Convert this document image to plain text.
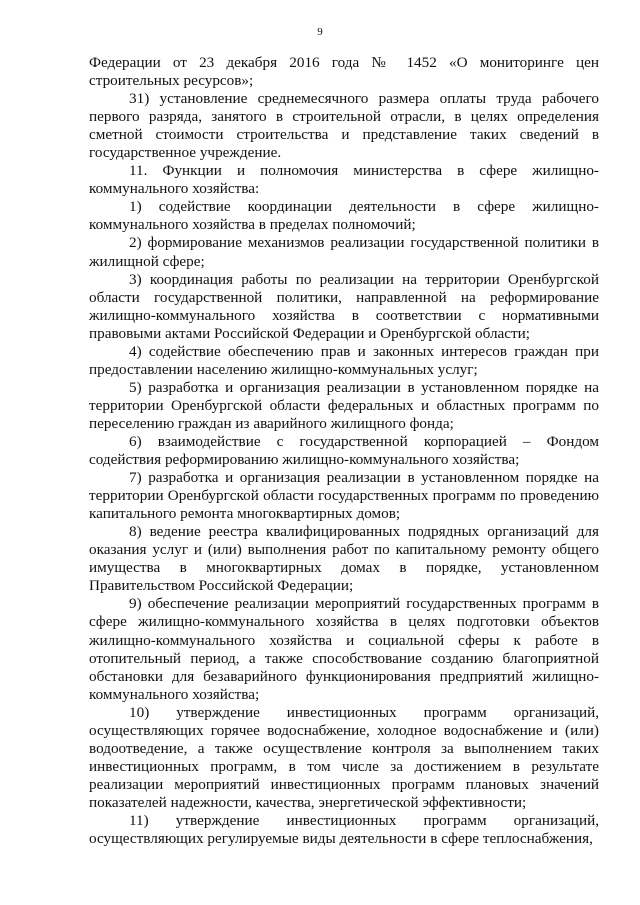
9

Федерации от 23 декабря 2016 года № 1452 «О мониторинге цен строительных ресурсов»;

31) установление среднемесячного размера оплаты труда рабочего первого разряда, занятого в строительной отрасли, в целях определения сметной стоимости строительства и представление таких сведений в государственное учреждение.

11. Функции и полномочия министерства в сфере жилищно-коммунального хозяйства:

1) содействие координации деятельности в сфере жилищно-коммунального хозяйства в пределах полномочий;

2) формирование механизмов реализации государственной политики в жилищной сфере;

3) координация работы по реализации на территории Оренбургской области государственной политики, направленной на реформирование жилищно-коммунального хозяйства в соответствии с нормативными правовыми актами Российской Федерации и Оренбургской области;

4) содействие обеспечению прав и законных интересов граждан при предоставлении населению жилищно-коммунальных услуг;

5) разработка и организация реализации в установленном порядке на территории Оренбургской области федеральных и областных программ по переселению граждан из аварийного жилищного фонда;

6) взаимодействие с государственной корпорацией – Фондом содействия реформированию жилищно-коммунального хозяйства;

7) разработка и организация реализации в установленном порядке на территории Оренбургской области государственных программ по проведению капитального ремонта многоквартирных домов;

8) ведение реестра квалифицированных подрядных организаций для оказания услуг и (или) выполнения работ по капитальному ремонту общего имущества в многоквартирных домах в порядке, установленном Правительством Российской Федерации;

9) обеспечение реализации мероприятий государственных программ в сфере жилищно-коммунального хозяйства в целях подготовки объектов жилищно-коммунального хозяйства и социальной сферы к работе в отопительный период, а также способствование созданию благоприятной обстановки для безаварийного функционирования предприятий жилищно-коммунального хозяйства;

10) утверждение инвестиционных программ организаций, осуществляющих горячее водоснабжение, холодное водоснабжение и (или) водоотведение, а также осуществление контроля за выполнением таких инвестиционных программ, в том числе за достижением в результате реализации мероприятий инвестиционных программ плановых значений показателей надежности, качества, энергетической эффективности;

11) утверждение инвестиционных программ организаций, осуществляющих регулируемые виды деятельности в сфере теплоснабжения,
